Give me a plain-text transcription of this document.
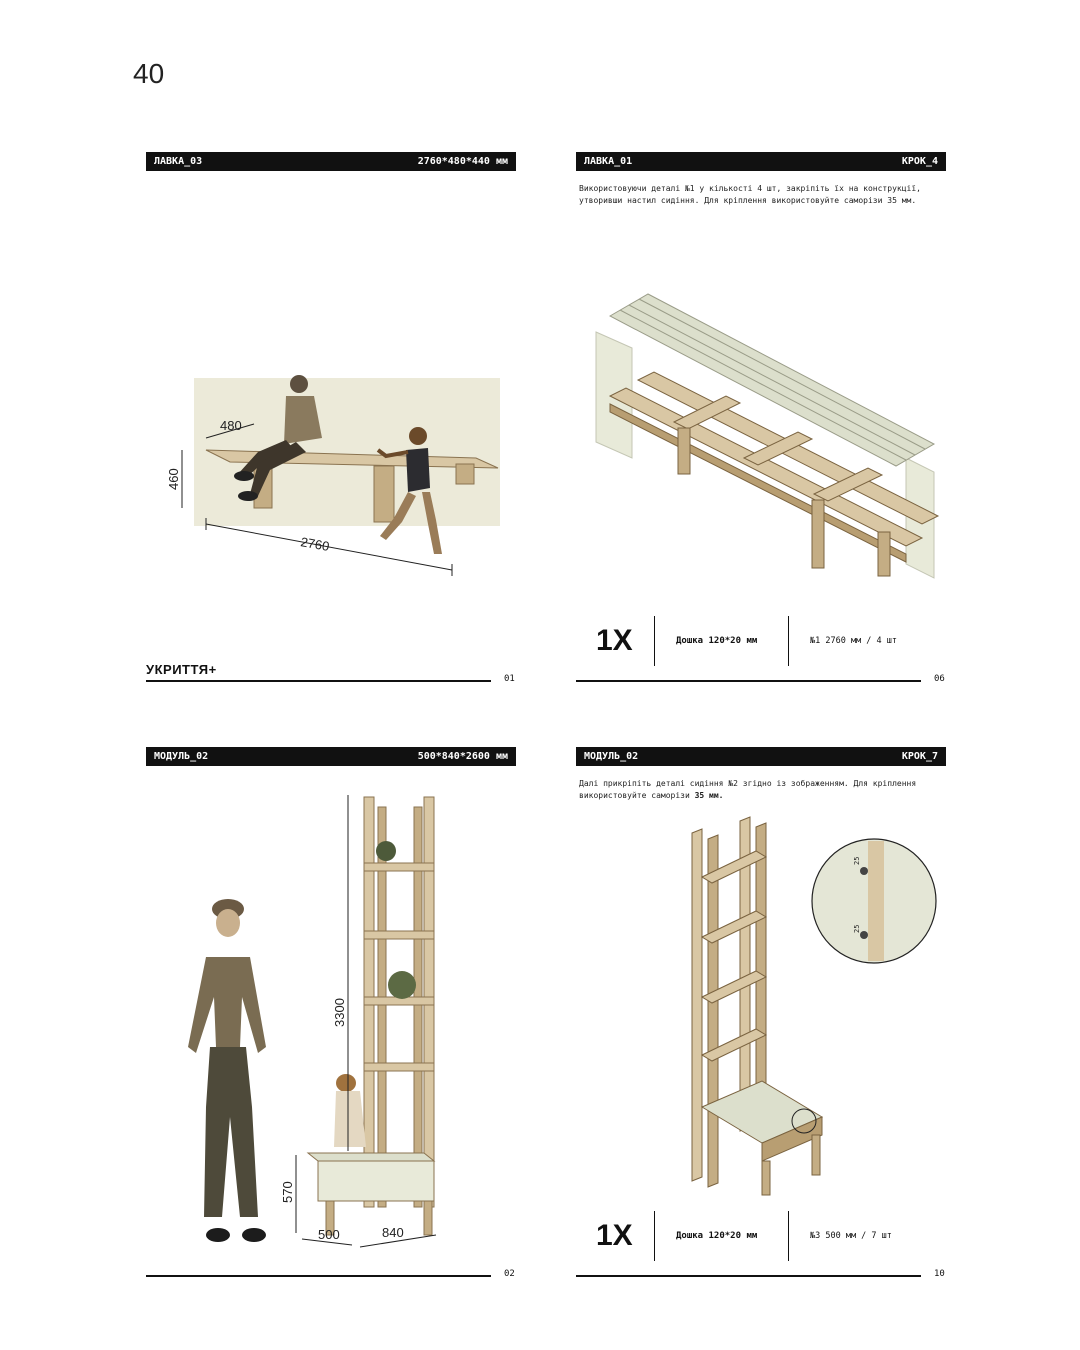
40
ЛАВКА_03	2760*480*440 мм
480
460
2760
УКРИТТЯ+
01
ЛАВКА_01	КРОК_4
Використовуючи деталі №1 у кількості 4 шт, закріпіть їх на конструкції, утворивши настил сидіння. Для кріплення використовуйте саморізи 35 мм.
1X	Дошка 120*20 мм	№1 2760 мм / 4 шт
06
МОДУЛЬ_02	500*840*2600 мм
3300
570
500	840
02
МОДУЛЬ_02	КРОК_7
Далі прикріпіть деталі сидіння №2 згідно із зображенням. Для кріплення використовуйте саморізи 35 мм.
25
25
1X	Дошка 120*20 мм	№3 500 мм / 7 шт
10
